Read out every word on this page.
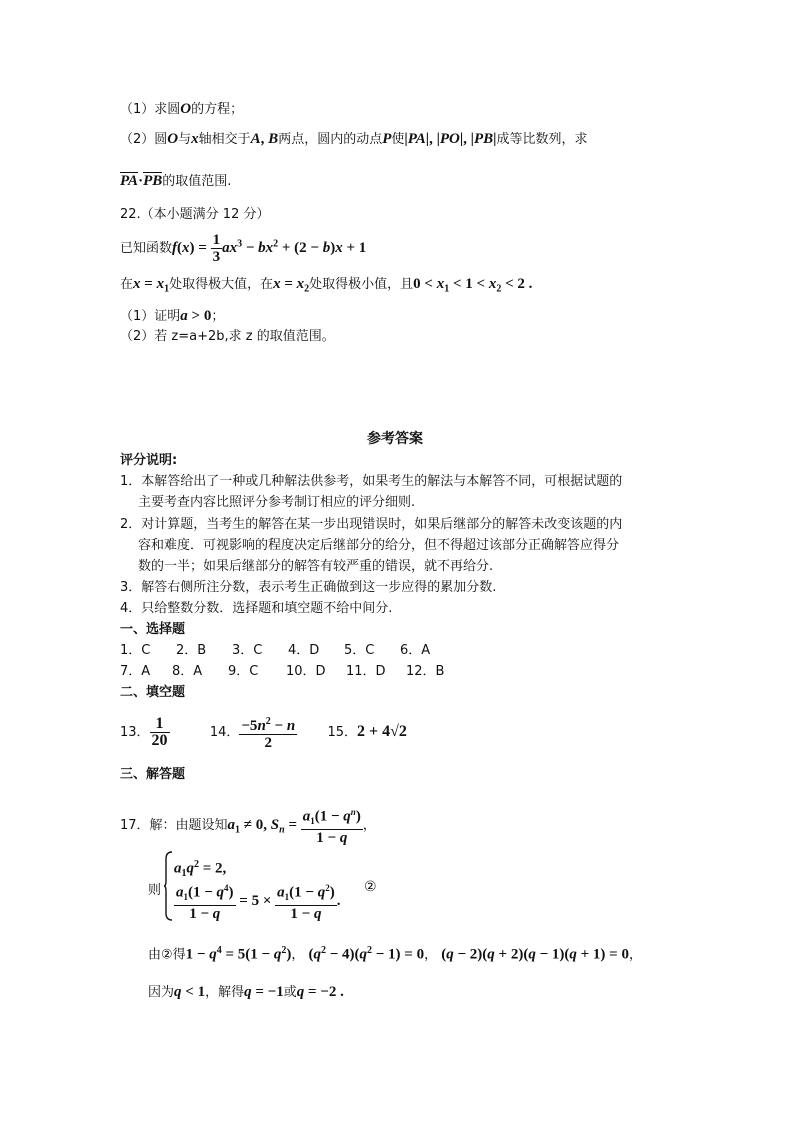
（1）求圆O的方程；
（2）圆O与x轴相交于A, B两点，圆内的动点P使|PA|, |PO|, |PB|成等比数列，求
PA·PB的取值范围.
22.（本小题满分 12 分）
已知函数$f(x) = \frac{1}{3} ax^3 - bx^2 + (2 - b)x + 1$
在$x = x_1$处取得极大值，在$x = x_2$处取得极小值，且$0 < x_1 < 1 < x_2 < 2$ .
（1）证明a > 0；
（2）若 z=a+2b,求 z 的取值范围。
参考答案
评分说明:
1．本解答给出了一种或几种解法供参考，如果考生的解法与本解答不同，可根据试题的
主要考查内容比照评分参考制订相应的评分细则.
2．对计算题，当考生的解答在某一步出现错误时，如果后继部分的解答未改变该题的内
容和难度．可视影响的程度决定后继部分的给分，但不得超过该部分正确解答应得分
数的一半；如果后继部分的解答有较严重的错误，就不再给分.
3．解答右侧所注分数，表示考生正确做到这一步应得的累加分数.
4．只给整数分数．选择题和填空题不给中间分.
一、选择题
1．C 2．B 3．C 4．D 5．C 6．A
7．A 8．A 9．C 10．D 11．D 12．B
二、填空题
13． $\frac{1}{20}$	14． $\frac{-5n^2 - n}{2} 15$．2 + 4√2
三、解答题
17．解：由题设知$a_1 \ne 0$, $S_n = \frac{a_1(1 - q^n)}{1 - q}$ ，
则
$a_1q^2 = 2$,
$\frac{a_1(1 - q^4)}{1 - q} = 5 \times \frac{a_1(1 - q^2)}{1 - q}$ .
②
由②得$1 - q^4 = 5(1 - q^2)$， $(q^2 - 4)(q^2 - 1) = 0$， (q − 2)(q + 2)(q − 1)(q + 1) = 0，
因为q < 1，解得q = −1或q = −2 .
